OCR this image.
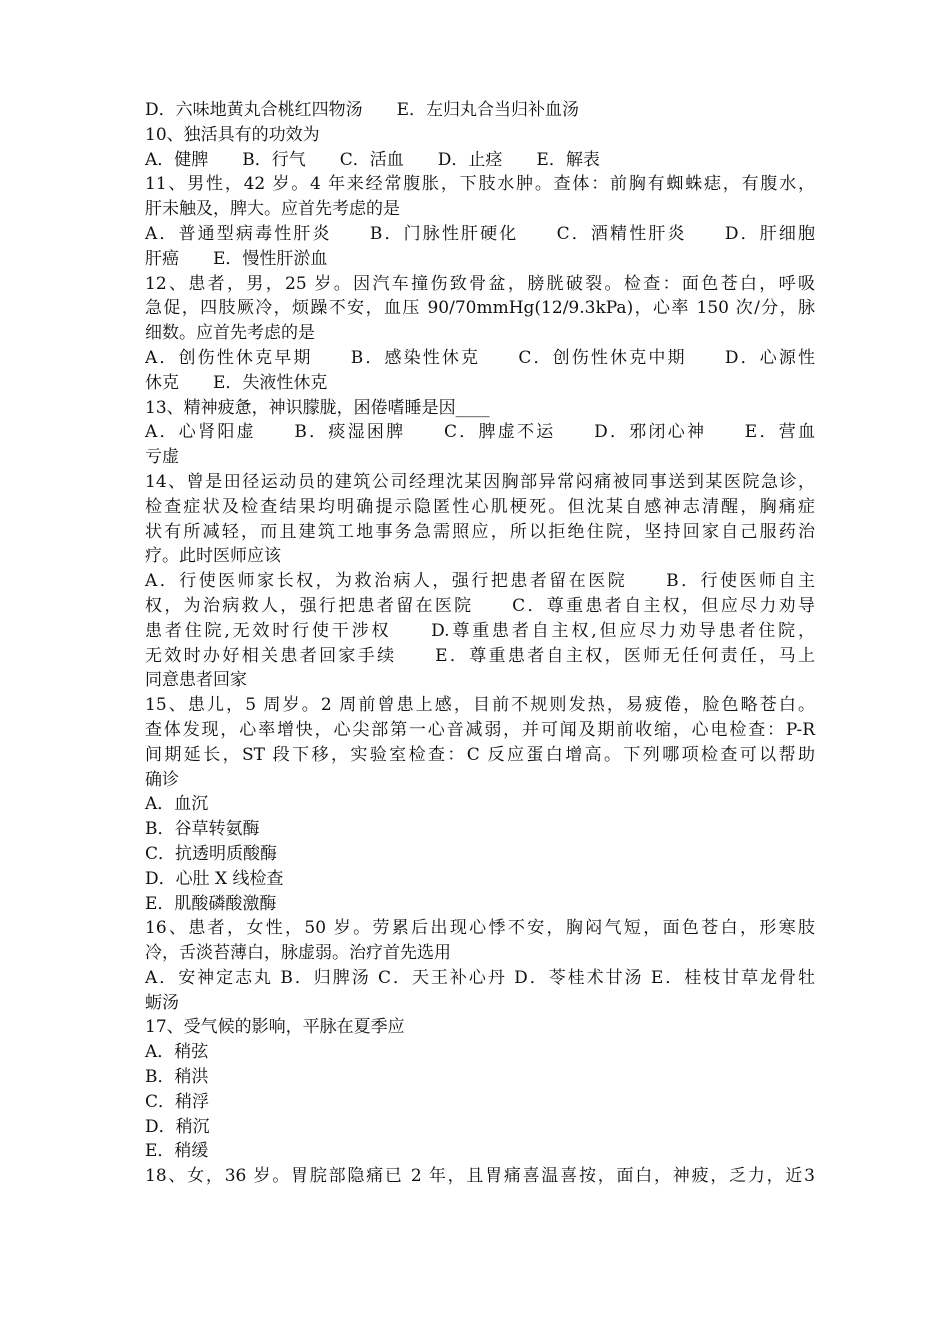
D．六味地黄丸合桃红四物汤　　E．左归丸合当归补血汤
10、独活具有的功效为
A．健脾　　B．行气　　C．活血　　D．止痉　　E．解表
11、男性，42 岁。4 年来经常腹胀，下肢水肿。查体：前胸有蜘蛛痣，有腹水，
肝未触及，脾大。应首先考虑的是
A．普通型病毒性肝炎　　B．门脉性肝硬化　　C．酒精性肝炎　　D．肝细胞
肝癌　　E．慢性肝淤血
12、患者，男，25 岁。因汽车撞伤致骨盆，膀胱破裂。检查：面色苍白，呼吸
急促，四肢厥冷，烦躁不安，血压 90/70mmHg(12/9.3kPa)，心率 150 次/分，脉
细数。应首先考虑的是
A．创伤性休克早期　　B．感染性休克　　C．创伤性休克中期　　D．心源性
休克　　E．失液性休克
13、精神疲惫，神识朦胧，困倦嗜睡是因____
A．心肾阳虚　　B．痰湿困脾　　C．脾虚不运　　D．邪闭心神　　E．营血
亏虚
14、曾是田径运动员的建筑公司经理沈某因胸部异常闷痛被同事送到某医院急诊，
检查症状及检查结果均明确提示隐匿性心肌梗死。但沈某自感神志清醒，胸痛症
状有所减轻，而且建筑工地事务急需照应，所以拒绝住院，坚持回家自己服药治
疗。此时医师应该
A．行使医师家长权，为救治病人，强行把患者留在医院　　B．行使医师自主
权，为治病救人，强行把患者留在医院　　C．尊重患者自主权，但应尽力劝导
患者住院,无效时行使干涉权　　D.尊重患者自主权,但应尽力劝导患者住院，
无效时办好相关患者回家手续　　E．尊重患者自主权，医师无任何责任，马上
同意患者回家
15、患儿，5 周岁。2 周前曾患上感，目前不规则发热，易疲倦，脸色略苍白。
查体发现，心率增快，心尖部第一心音减弱，并可闻及期前收缩，心电检查：P-R
间期延长，ST 段下移，实验室检查：C 反应蛋白增高。下列哪项检查可以帮助
确诊
A．血沉
B．谷草转氨酶
C．抗透明质酸酶
D．心肚 X 线检查
E．肌酸磷酸激酶
16、患者，女性，50 岁。劳累后出现心悸不安，胸闷气短，面色苍白，形寒肢
冷，舌淡苔薄白，脉虚弱。治疗首先选用
A．安神定志丸 B．归脾汤 C．天王补心丹 D．苓桂术甘汤 E．桂枝甘草龙骨牡
蛎汤
17、受气候的影响，平脉在夏季应
A．稍弦
B．稍洪
C．稍浮
D．稍沉
E．稍缓
18、女，36 岁。胃脘部隐痛已 2 年，且胃痛喜温喜按，面白，神疲，乏力，近3
